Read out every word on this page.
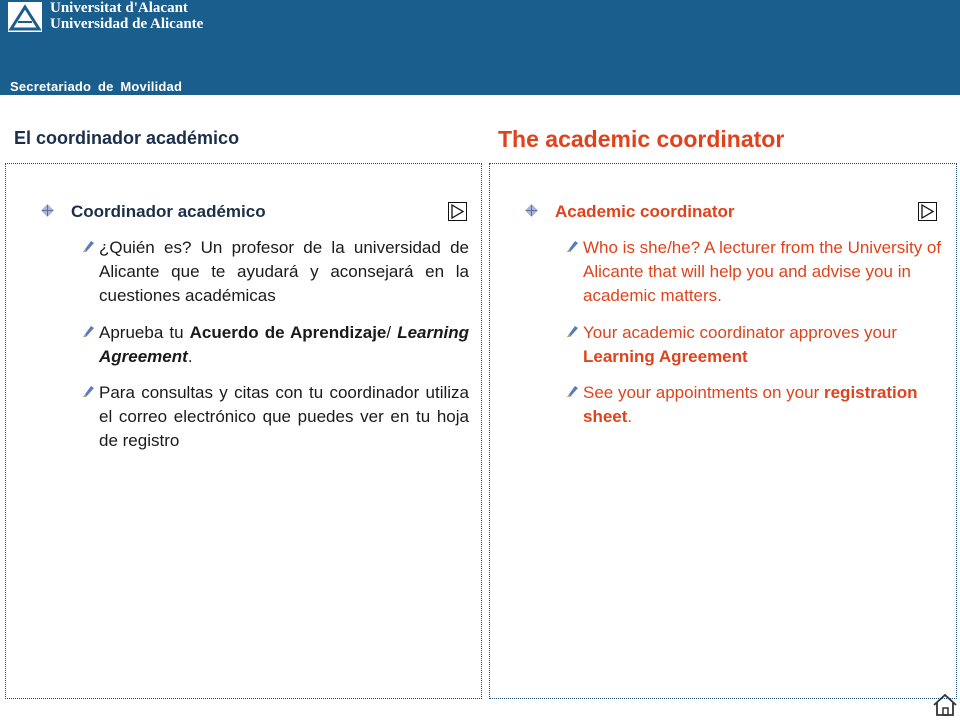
Universitat d'Alacant
Universidad de Alicante
Secretariado de Movilidad
El coordinador académico	The academic coordinator
Coordinador académico
¿Quién es? Un profesor de la universidad de Alicante que te ayudará y aconsejará en la cuestiones académicas
Aprueba tu Acuerdo de Aprendizaje/ Learning Agreement.
Para consultas y citas con tu coordinador utiliza el correo electrónico que puedes ver en tu hoja de registro
Academic coordinator
Who is she/he? A lecturer from the University of Alicante that will help you and advise you in academic matters.
Your academic coordinator approves your Learning Agreement
See your appointments on your registration sheet.
